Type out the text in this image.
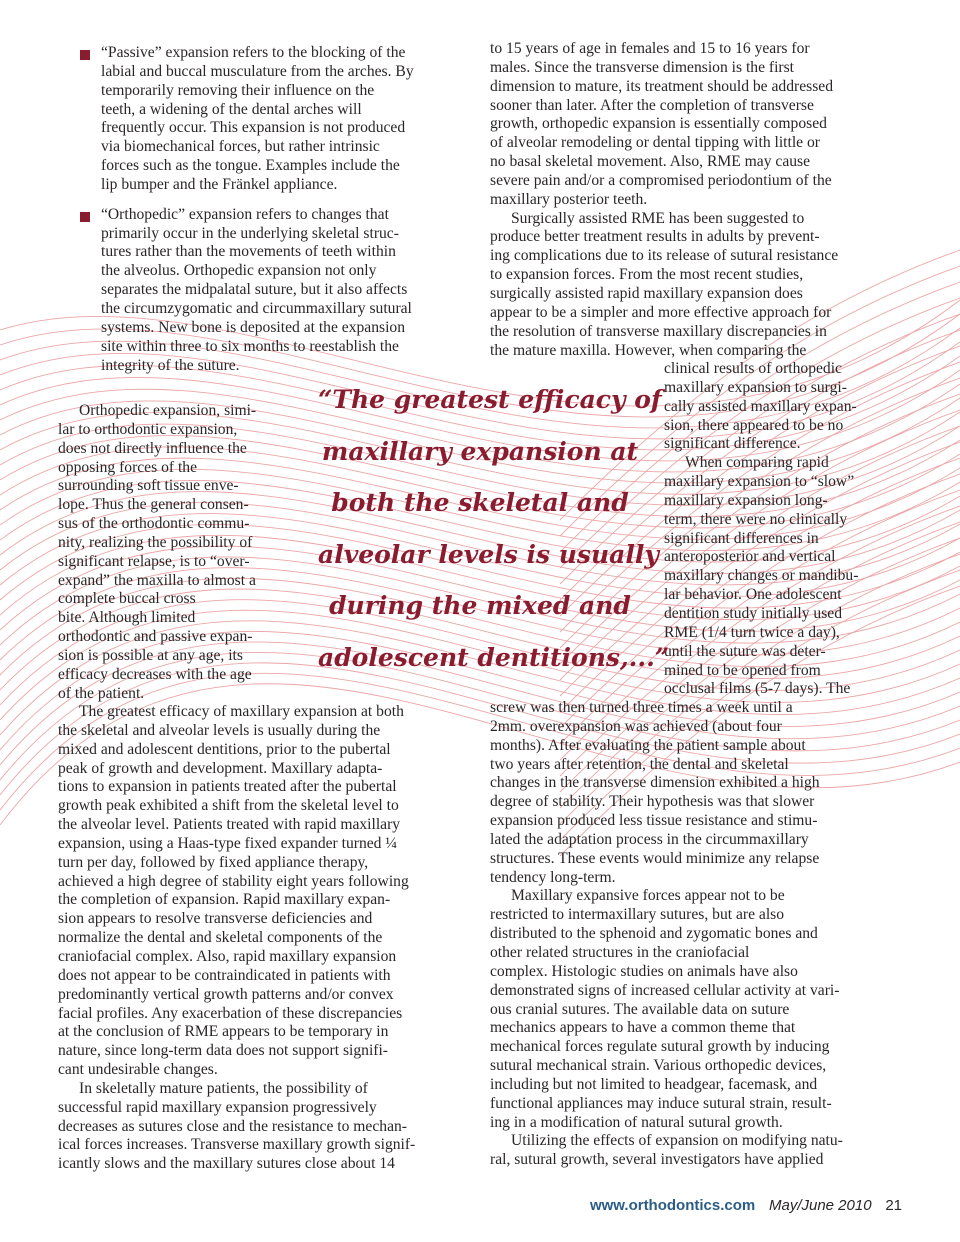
“Passive” expansion refers to the blocking of the
labial and buccal musculature from the arches. By
temporarily removing their influence on the
teeth, a widening of the dental arches will
frequently occur. This expansion is not produced
via biomechanical forces, but rather intrinsic
forces such as the tongue. Examples include the
lip bumper and the Fränkel appliance.
“Orthopedic” expansion refers to changes that
primarily occur in the underlying skeletal struc-
tures rather than the movements of teeth within
the alveolus. Orthopedic expansion not only
separates the midpalatal suture, but it also affects
the circumzygomatic and circummaxillary sutural
systems. New bone is deposited at the expansion
site within three to six months to reestablish the
integrity of the suture.
Orthopedic expansion, simi-
lar to orthodontic expansion,
does not directly influence the
opposing forces of the
surrounding soft tissue enve-
lope. Thus the general consen-
sus of the orthodontic commu-
nity, realizing the possibility of
significant relapse, is to “over-
expand” the maxilla to almost a
complete buccal cross
bite. Although limited
orthodontic and passive expan-
sion is possible at any age, its
efficacy decreases with the age
of the patient.
The greatest efficacy of maxillary expansion at both
the skeletal and alveolar levels is usually during the
mixed and adolescent dentitions, prior to the pubertal
peak of growth and development. Maxillary adapta-
tions to expansion in patients treated after the pubertal
growth peak exhibited a shift from the skeletal level to
the alveolar level. Patients treated with rapid maxillary
expansion, using a Haas-type fixed expander turned ¼
turn per day, followed by fixed appliance therapy,
achieved a high degree of stability eight years following
the completion of expansion. Rapid maxillary expan-
sion appears to resolve transverse deficiencies and
normalize the dental and skeletal components of the
craniofacial complex. Also, rapid maxillary expansion
does not appear to be contraindicated in patients with
predominantly vertical growth patterns and/or convex
facial profiles. Any exacerbation of these discrepancies
at the conclusion of RME appears to be temporary in
nature, since long-term data does not support signifi-
cant undesirable changes.
In skeletally mature patients, the possibility of
successful rapid maxillary expansion progressively
decreases as sutures close and the resistance to mechan-
ical forces increases. Transverse maxillary growth signif-
icantly slows and the maxillary sutures close about 14
to 15 years of age in females and 15 to 16 years for
males. Since the transverse dimension is the first
dimension to mature, its treatment should be addressed
sooner than later. After the completion of transverse
growth, orthopedic expansion is essentially composed
of alveolar remodeling or dental tipping with little or
no basal skeletal movement. Also, RME may cause
severe pain and/or a compromised periodontium of the
maxillary posterior teeth.
Surgically assisted RME has been suggested to
produce better treatment results in adults by prevent-
ing complications due to its release of sutural resistance
to expansion forces. From the most recent studies,
surgically assisted rapid maxillary expansion does
appear to be a simpler and more effective approach for
the resolution of transverse maxillary discrepancies in
the mature maxilla. However, when comparing the
clinical results of orthopedic
maxillary expansion to surgi-
cally assisted maxillary expan-
sion, there appeared to be no
significant difference.
When comparing rapid
maxillary expansion to “slow”
maxillary expansion long-
term, there were no clinically
significant differences in
anteroposterior and vertical
maxillary changes or mandibu-
lar behavior. One adolescent
dentition study initially used
RME (1/4 turn twice a day),
until the suture was deter-
mined to be opened from
occlusal films (5-7 days). The
screw was then turned three times a week until a
2mm. overexpansion was achieved (about four
months). After evaluating the patient sample about
two years after retention, the dental and skeletal
changes in the transverse dimension exhibited a high
degree of stability. Their hypothesis was that slower
expansion produced less tissue resistance and stimu-
lated the adaptation process in the circummaxillary
structures. These events would minimize any relapse
tendency long-term.
Maxillary expansive forces appear not to be
restricted to intermaxillary sutures, but are also
distributed to the sphenoid and zygomatic bones and
other related structures in the craniofacial
complex. Histologic studies on animals have also
demonstrated signs of increased cellular activity at vari-
ous cranial sutures. The available data on suture
mechanics appears to have a common theme that
mechanical forces regulate sutural growth by inducing
sutural mechanical strain. Various orthopedic devices,
including but not limited to headgear, facemask, and
functional appliances may induce sutural strain, result-
ing in a modification of natural sutural growth.
Utilizing the effects of expansion on modifying natu-
ral, sutural growth, several investigators have applied
“The greatest efficacy of
maxillary expansion at
both the skeletal and
alveolar levels is usually
during the mixed and
adolescent dentitions,...”
www.orthodontics.com May/June 2010 21
